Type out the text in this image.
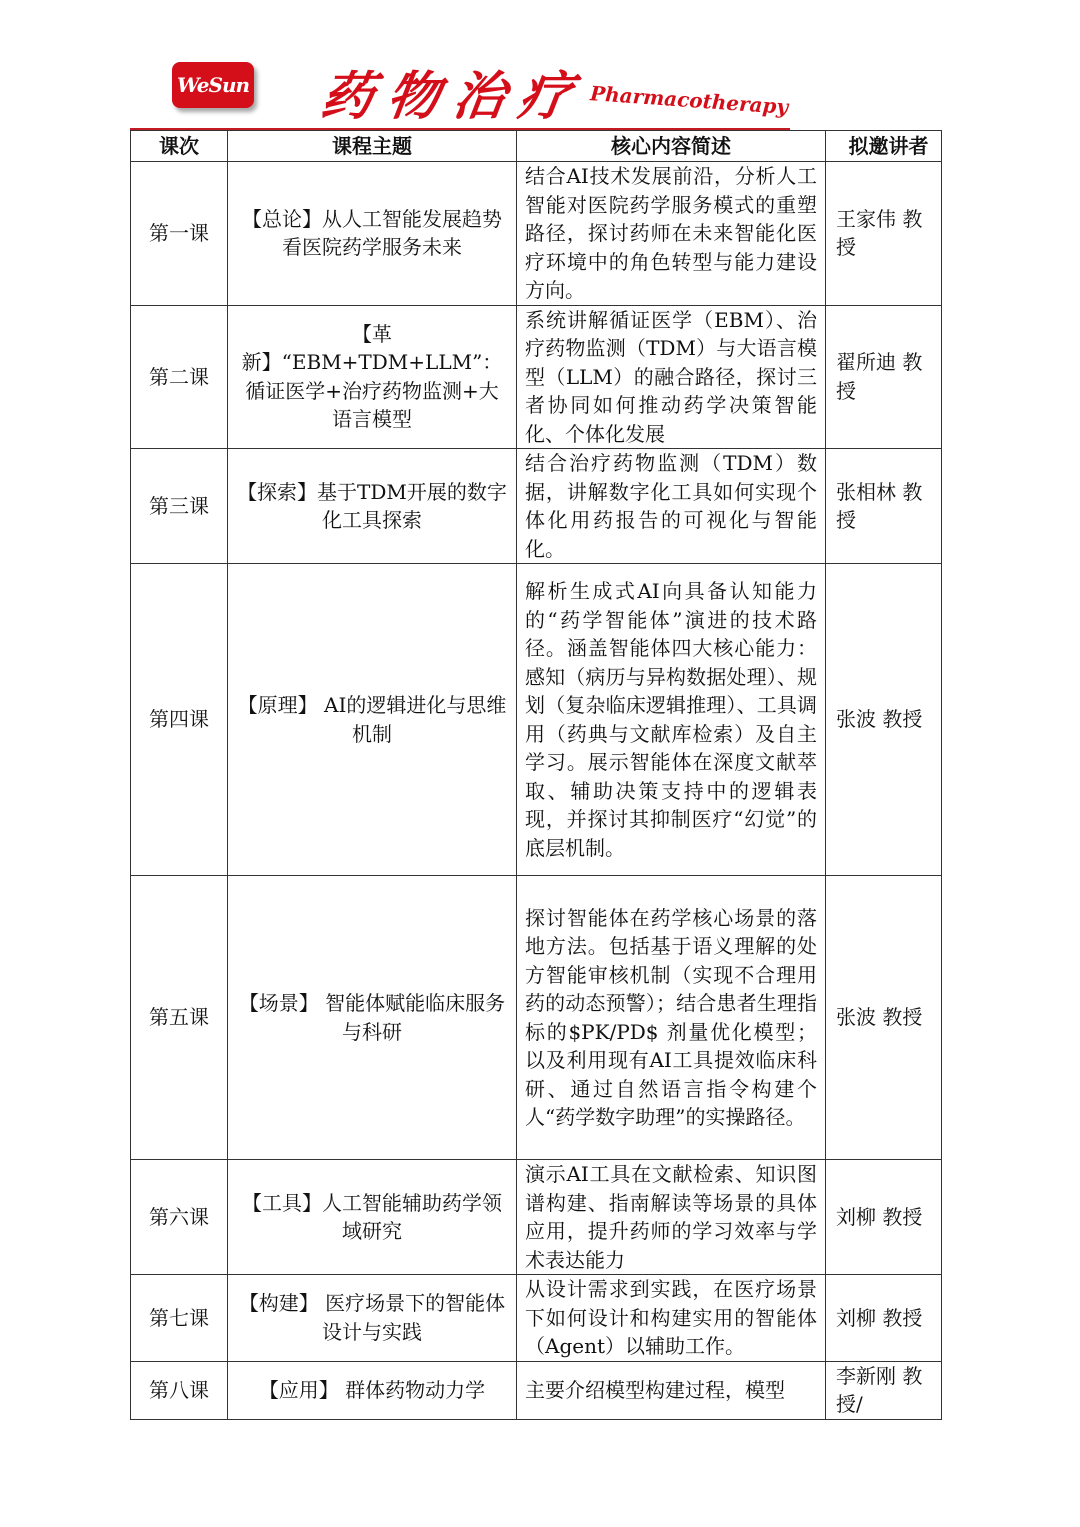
WeSun 药物治疗 Pharmacotherapy
课次	课程主题	核心内容简述	拟邀讲者
第一课	【总论】从人工智能发展趋势看医院药学服务未来	结合AI技术发展前沿，分析人工智能对医院药学服务模式的重塑路径，探讨药师在未来智能化医疗环境中的角色转型与能力建设方向。	王家伟 教授
第二课	【革新】“EBM+TDM+LLM”：循证医学+治疗药物监测+大语言模型	系统讲解循证医学（EBM）、治疗药物监测（TDM）与大语言模型（LLM）的融合路径，探讨三者协同如何推动药学决策智能化、个体化发展	翟所迪 教授
第三课	【探索】基于TDM开展的数字化工具探索	结合治疗药物监测（TDM）数据，讲解数字化工具如何实现个体化用药报告的可视化与智能化。	张相林 教授
第四课	【原理】 AI的逻辑进化与思维机制	解析生成式AI向具备认知能力的“药学智能体”演进的技术路径。涵盖智能体四大核心能力：感知（病历与异构数据处理）、规划（复杂临床逻辑推理）、工具调用（药典与文献库检索）及自主学习。展示智能体在深度文献萃取、辅助决策支持中的逻辑表现，并探讨其抑制医疗“幻觉”的底层机制。	张波 教授
第五课	【场景】 智能体赋能临床服务与科研	探讨智能体在药学核心场景的落地方法。包括基于语义理解的处方智能审核机制（实现不合理用药的动态预警）；结合患者生理指标的$PK/PD$ 剂量优化模型；以及利用现有AI工具提效临床科研、通过自然语言指令构建个人“药学数字助理”的实操路径。	张波 教授
第六课	【工具】人工智能辅助药学领域研究	演示AI工具在文献检索、知识图谱构建、指南解读等场景的具体应用，提升药师的学习效率与学术表达能力	刘柳 教授
第七课	【构建】 医疗场景下的智能体设计与实践	从设计需求到实践，在医疗场景下如何设计和构建实用的智能体（Agent）以辅助工作。	刘柳 教授
第八课	【应用】 群体药物动力学	主要介绍模型构建过程，模型	李新刚 教授/
